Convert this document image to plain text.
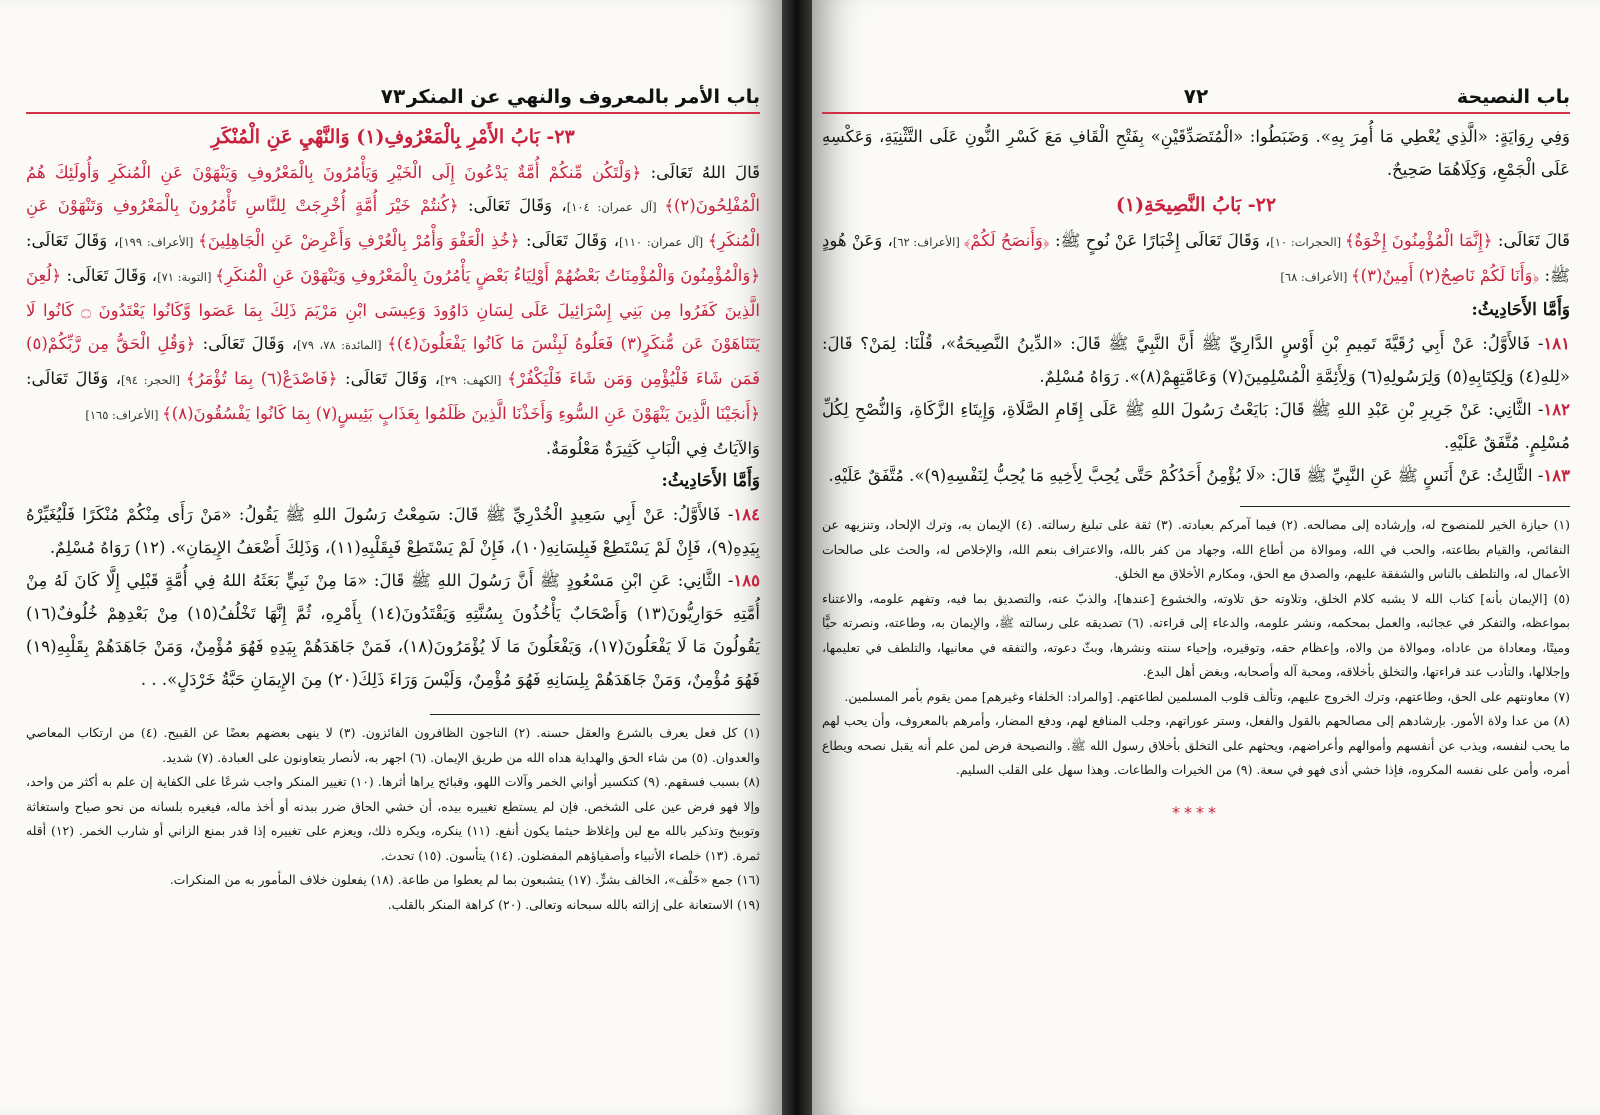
باب الأمر بالمعروف والنهي عن المنكر
٧٣
٢٣- بَابُ الأَمْرِ بِالْمَعْرُوفِ(١) وَالنَّهْيِ عَنِ الْمُنْكَرِ

قَالَ اللهُ تَعَالَى: ﴿وَلْتَكُن مِّنكُمْ أُمَّةٌ يَدْعُونَ إِلَى الْخَيْرِ وَيَأْمُرُونَ بِالْمَعْرُوفِ وَيَنْهَوْنَ عَنِ الْمُنكَرِ وَأُولَئِكَ هُمُ الْمُفْلِحُونَ(٢)﴾ [آل عمران: ١٠٤]، وَقَالَ تَعَالَى: ﴿كُنتُمْ خَيْرَ أُمَّةٍ أُخْرِجَتْ لِلنَّاسِ تَأْمُرُونَ بِالْمَعْرُوفِ وَتَنْهَوْنَ عَنِ الْمُنكَرِ﴾ [آل عمران: ١١٠]، وَقَالَ تَعَالَى: ﴿خُذِ الْعَفْوَ وَأْمُرْ بِالْعُرْفِ وَأَعْرِضْ عَنِ الْجَاهِلِينَ﴾ [الأعراف: ١٩٩]، وَقَالَ تَعَالَى: ﴿وَالْمُؤْمِنُونَ وَالْمُؤْمِنَاتُ بَعْضُهُمْ أَوْلِيَاءُ بَعْضٍ يَأْمُرُونَ بِالْمَعْرُوفِ وَيَنْهَوْنَ عَنِ الْمُنكَرِ﴾ [التوبة: ٧١]، وَقَالَ تَعَالَى: ﴿لُعِنَ الَّذِينَ كَفَرُوا مِن بَنِي إِسْرَائِيلَ عَلَى لِسَانِ دَاوُودَ وَعِيسَى ابْنِ مَرْيَمَ ذَلِكَ بِمَا عَصَوا وَّكَانُوا يَعْتَدُونَ ۝ كَانُوا لَا يَتَنَاهَوْنَ عَن مُّنكَرٍ(٣) فَعَلُوهُ لَبِئْسَ مَا كَانُوا يَفْعَلُونَ(٤)﴾ [المائدة: ٧٨، ٧٩]، وَقَالَ تَعَالَى: ﴿وَقُلِ الْحَقُّ مِن رَّبِّكُمْ(٥) فَمَن شَاءَ فَلْيُؤْمِن وَمَن شَاءَ فَلْيَكْفُرْ﴾ [الكهف: ٢٩]، وَقَالَ تَعَالَى: ﴿فَاصْدَعْ(٦) بِمَا تُؤْمَرُ﴾ [الحجر: ٩٤]، وَقَالَ تَعَالَى: ﴿أَنجَيْنَا الَّذِينَ يَنْهَوْنَ عَنِ السُّوءِ وَأَخَذْنَا الَّذِينَ ظَلَمُوا بِعَذَابٍ بَئِيسٍ(٧) بِمَا كَانُوا يَفْسُقُونَ(٨)﴾ [الأعراف: ١٦٥]

وَالآيَاتُ فِي الْبَابِ كَثِيرَةٌ مَعْلُومَةٌ.

وَأَمَّا الأَحَادِيثُ:

١٨٤- فَالأَوَّلُ: عَنْ أَبِي سَعِيدٍ الْخُدْرِيِّ ﷺ قَالَ: سَمِعْتُ رَسُولَ اللهِ ﷺ يَقُولُ: «مَنْ رَأَى مِنْكُمْ مُنْكَرًا فَلْيُغَيِّرْهُ بِيَدِهِ(٩)، فَإِنْ لَمْ يَسْتَطِعْ فَبِلِسَانِهِ(١٠)، فَإِنْ لَمْ يَسْتَطِعْ فَبِقَلْبِهِ(١١)، وَذَلِكَ أَضْعَفُ الإِيمَانِ». (١٢) رَوَاهُ مُسْلِمٌ.

١٨٥- الثَّانِي: عَنِ ابْنِ مَسْعُودٍ ﷺ أَنَّ رَسُولَ اللهِ ﷺ قَالَ: «مَا مِنْ نَبِيٍّ بَعَثَهُ اللهُ فِي أُمَّةٍ قَبْلِي إِلَّا كَانَ لَهُ مِنْ أُمَّتِهِ حَوَارِيُّونَ(١٣) وَأَصْحَابٌ يَأْخُذُونَ بِسُنَّتِهِ وَيَقْتَدُونَ(١٤) بِأَمْرِهِ، ثُمَّ إِنَّهَا تَخْلُفُ(١٥) مِنْ بَعْدِهِمْ خُلُوفٌ(١٦) يَقُولُونَ مَا لَا يَفْعَلُونَ(١٧)، وَيَفْعَلُونَ مَا لَا يُؤْمَرُونَ(١٨)، فَمَنْ جَاهَدَهُمْ بِيَدِهِ فَهُوَ مُؤْمِنٌ، وَمَنْ جَاهَدَهُمْ بِقَلْبِهِ(١٩) فَهُوَ مُؤْمِنٌ، وَمَنْ جَاهَدَهُمْ بِلِسَانِهِ فَهُوَ مُؤْمِنٌ، وَلَيْسَ وَرَاءَ ذَلِكَ(٢٠) مِنَ الإِيمَانِ حَبَّةُ خَرْدَلٍ». . .

(١) كل فعل يعرف بالشرع والعقل حسنه. (٢) الناجون الظافرون الفائزون. (٣) لا ينهى بعضهم بعضًا عن القبيح. (٤) من ارتكاب المعاصي والعدوان. (٥) من شاء الحق والهداية هداه الله من طريق الإيمان. (٦) اجهر به، لأنصار يتعاونون على العبادة. (٧) شديد.

(٨) بسبب فسقهم. (٩) كتكسير أواني الخمر وآلات اللهو، وقبائح يراها أثرها. (١٠) تغيير المنكر واجب شرعًا على الكفاية إن علم به أكثر من واحد، وإلا فهو فرض عين على الشخص. فإن لم يستطع تغييره بيده، أن خشي الحاق ضرر ببدنه أو أخذ ماله، فيغيره بلسانه من نحو صياح واستغاثة وتوبيخ وتذكير بالله مع لين وإغلاظ حيثما يكون أنفع. (١١) ينكره، ويكره ذلك، ويعزم على تغييره إذا قدر بمنع الزاني أو شارب الخمر. (١٢) أقله ثمرة. (١٣) خلصاء الأنبياء وأصفياؤهم المفضلون. (١٤) يتأسون. (١٥) تحدث.

(١٦) جمع «خَلْف»، الخالف بشرٍّ. (١٧) يتشبعون بما لم يعطوا من طاعة. (١٨) يفعلون خلاف المأمور به من المنكرات.

(١٩) الاستعانة على إزالته بالله سبحانه وتعالى. (٢٠) كراهة المنكر بالقلب.

باب النصيحة
٧٢

وَفِي رِوَايَةٍ: «الَّذِي يُعْطِي مَا أُمِرَ بِهِ». وَضَبَطُوا: «الْمُتَصَدِّقَيْنِ» بِفَتْحِ الْقَافِ مَعَ كَسْرِ النُّونِ عَلَى التَّثْنِيَةِ، وَعَكْسِهِ عَلَى الْجَمْعِ، وَكِلَاهُمَا صَحِيحٌ.

٢٢- بَابُ النَّصِيحَةِ(١)

قَالَ تَعَالَى: ﴿إِنَّمَا الْمُؤْمِنُونَ إِخْوَةٌ﴾ [الحجرات: ١٠]، وَقَالَ تَعَالَى إِخْبَارًا عَنْ نُوحٍ ﷺ: ﴿وَأَنصَحُ لَكُمْ﴾ [الأعراف: ٦٢]، وَعَنْ هُودٍ ﷺ: ﴿وَأَنَا لَكُمْ نَاصِحٌ(٢) أَمِينٌ(٣)﴾ [الأعراف: ٦٨]

وَأَمَّا الأَحَادِيثُ:

١٨١- فَالأَوَّلُ: عَنْ أَبِي رُقَيَّةَ تَمِيمِ بْنِ أَوْسٍ الدَّارِيِّ ﷺ أَنَّ النَّبِيَّ ﷺ قَالَ: «الدِّينُ النَّصِيحَةُ»، قُلْنَا: لِمَنْ؟ قَالَ: «لِلهِ(٤) وَلِكِتَابِهِ(٥) وَلِرَسُولِهِ(٦) وَلِأَئِمَّةِ الْمُسْلِمِينَ(٧) وَعَامَّتِهِمْ(٨)». رَوَاهُ مُسْلِمٌ.

١٨٢- الثَّانِي: عَنْ جَرِيرِ بْنِ عَبْدِ اللهِ ﷺ قَالَ: بَايَعْتُ رَسُولَ اللهِ ﷺ عَلَى إِقَامِ الصَّلَاةِ، وَإِيتَاءِ الزَّكَاةِ، وَالنُّصْحِ لِكُلِّ مُسْلِمٍ. مُتَّفَقٌ عَلَيْهِ.

١٨٣- الثَّالِثُ: عَنْ أَنَسٍ ﷺ عَنِ النَّبِيِّ ﷺ قَالَ: «لَا يُؤْمِنُ أَحَدُكُمْ حَتَّى يُحِبَّ لِأَخِيهِ مَا يُحِبُّ لِنَفْسِهِ(٩)». مُتَّفَقٌ عَلَيْهِ.

(١) حيازة الخير للمنصوح له، وإرشاده إلى مصالحه. (٢) فيما آمركم بعبادته. (٣) ثقة على تبليغ رسالته. (٤) الإيمان به، وترك الإلحاد، وتنزيهه عن النقائص، والقيام بطاعته، والحب في الله، وموالاة من أطاع الله، وجهاد من كفر بالله، والاعتراف بنعم الله، والإخلاص له، والحث على صالحات الأعمال له، والتلطف بالناس والشفقة عليهم، والصدق مع الحق، ومكارم الأخلاق مع الخلق.

(٥) [الإيمان بأنه] كتاب الله لا يشبه كلام الخلق، وتلاوته حق تلاوته، والخشوع [عندها]، والذبّ عنه، والتصديق بما فيه، وتفهم علومه، والاعتناء بمواعظه، والتفكر في عجائبه، والعمل بمحكمه، ونشر علومه، والدعاء إلى قراءته. (٦) تصديقه على رسالته ﷺ، والإيمان به، وطاعته، ونصرته حيًّا وميتًا، ومعاداة من عاداه، وموالاة من والاه، وإعظام حقه، وتوقيره، وإحياء سنته ونشرها، وبثّ دعوته، والتفقه في معانيها، والتلطف في تعليمها، وإجلالها، والتأدب عند قراءتها، والتخلق بأخلاقه، ومحبة آله وأصحابه، وبغض أهل البدع.

(٧) معاونتهم على الحق، وطاعتهم، وترك الخروج عليهم، وتألف قلوب المسلمين لطاعتهم. [والمراد: الخلفاء وغيرهم] ممن يقوم بأمر المسلمين.

(٨) من عدا ولاة الأمور. بإرشادهم إلى مصالحهم بالقول والفعل، وستر عوراتهم، وجلب المنافع لهم، ودفع المضار، وأمرهم بالمعروف، وأن يحب لهم ما يحب لنفسه، ويذب عن أنفسهم وأموالهم وأعراضهم، ويحثهم على التخلق بأخلاق رسول الله ﷺ. والنصيحة فرض لمن علم أنه يقبل نصحه ويطاع أمره، وأمن على نفسه المكروه، فإذا خشي أذى فهو في سعة. (٩) من الخيرات والطاعات. وهذا سهل على القلب السليم.

****
